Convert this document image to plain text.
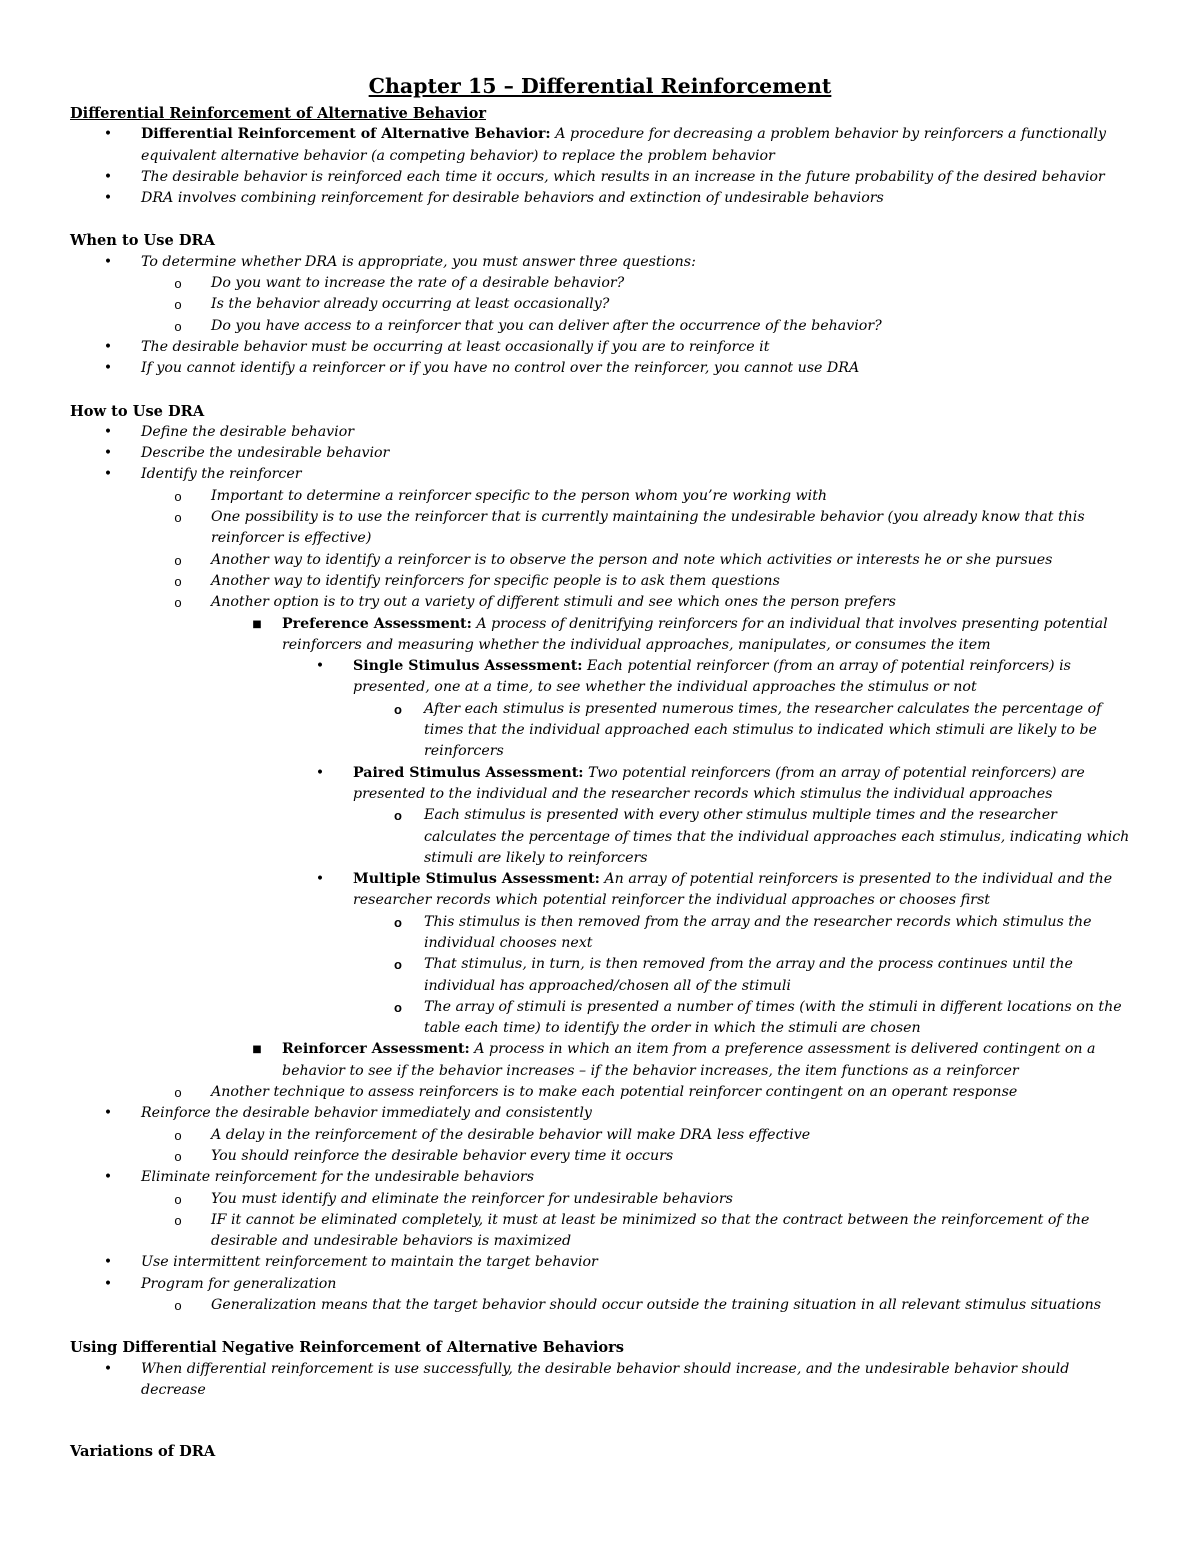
Chapter 15 – Differential Reinforcement
Differential Reinforcement of Alternative Behavior
• Differential Reinforcement of Alternative Behavior: A procedure for decreasing a problem behavior by reinforcers a functionally equivalent alternative behavior (a competing behavior) to replace the problem behavior
• The desirable behavior is reinforced each time it occurs, which results in an increase in the future probability of the desired behavior
• DRA involves combining reinforcement for desirable behaviors and extinction of undesirable behaviors
When to Use DRA
• To determine whether DRA is appropriate, you must answer three questions:
o Do you want to increase the rate of a desirable behavior?
o Is the behavior already occurring at least occasionally?
o Do you have access to a reinforcer that you can deliver after the occurrence of the behavior?
• The desirable behavior must be occurring at least occasionally if you are to reinforce it
• If you cannot identify a reinforcer or if you have no control over the reinforcer, you cannot use DRA
How to Use DRA
• Define the desirable behavior
• Describe the undesirable behavior
• Identify the reinforcer
o Important to determine a reinforcer specific to the person whom you’re working with
o One possibility is to use the reinforcer that is currently maintaining the undesirable behavior (you already know that this reinforcer is effective)
o Another way to identify a reinforcer is to observe the person and note which activities or interests he or she pursues
o Another way to identify reinforcers for specific people is to ask them questions
o Another option is to try out a variety of different stimuli and see which ones the person prefers
■ Preference Assessment: A process of denitrifying reinforcers for an individual that involves presenting potential reinforcers and measuring whether the individual approaches, manipulates, or consumes the item
• Single Stimulus Assessment: Each potential reinforcer (from an array of potential reinforcers) is presented, one at a time, to see whether the individual approaches the stimulus or not
o After each stimulus is presented numerous times, the researcher calculates the percentage of times that the individual approached each stimulus to indicated which stimuli are likely to be reinforcers
• Paired Stimulus Assessment: Two potential reinforcers (from an array of potential reinforcers) are presented to the individual and the researcher records which stimulus the individual approaches
o Each stimulus is presented with every other stimulus multiple times and the researcher calculates the percentage of times that the individual approaches each stimulus, indicating which stimuli are likely to reinforcers
• Multiple Stimulus Assessment: An array of potential reinforcers is presented to the individual and the researcher records which potential reinforcer the individual approaches or chooses first
o This stimulus is then removed from the array and the researcher records which stimulus the individual chooses next
o That stimulus, in turn, is then removed from the array and the process continues until the individual has approached/chosen all of the stimuli
o The array of stimuli is presented a number of times (with the stimuli in different locations on the table each time) to identify the order in which the stimuli are chosen
■ Reinforcer Assessment: A process in which an item from a preference assessment is delivered contingent on a behavior to see if the behavior increases – if the behavior increases, the item functions as a reinforcer
o Another technique to assess reinforcers is to make each potential reinforcer contingent on an operant response
• Reinforce the desirable behavior immediately and consistently
o A delay in the reinforcement of the desirable behavior will make DRA less effective
o You should reinforce the desirable behavior every time it occurs
• Eliminate reinforcement for the undesirable behaviors
o You must identify and eliminate the reinforcer for undesirable behaviors
o IF it cannot be eliminated completely, it must at least be minimized so that the contract between the reinforcement of the desirable and undesirable behaviors is maximized
• Use intermittent reinforcement to maintain the target behavior
• Program for generalization
o Generalization means that the target behavior should occur outside the training situation in all relevant stimulus situations
Using Differential Negative Reinforcement of Alternative Behaviors
• When differential reinforcement is use successfully, the desirable behavior should increase, and the undesirable behavior should decrease
Variations of DRA
